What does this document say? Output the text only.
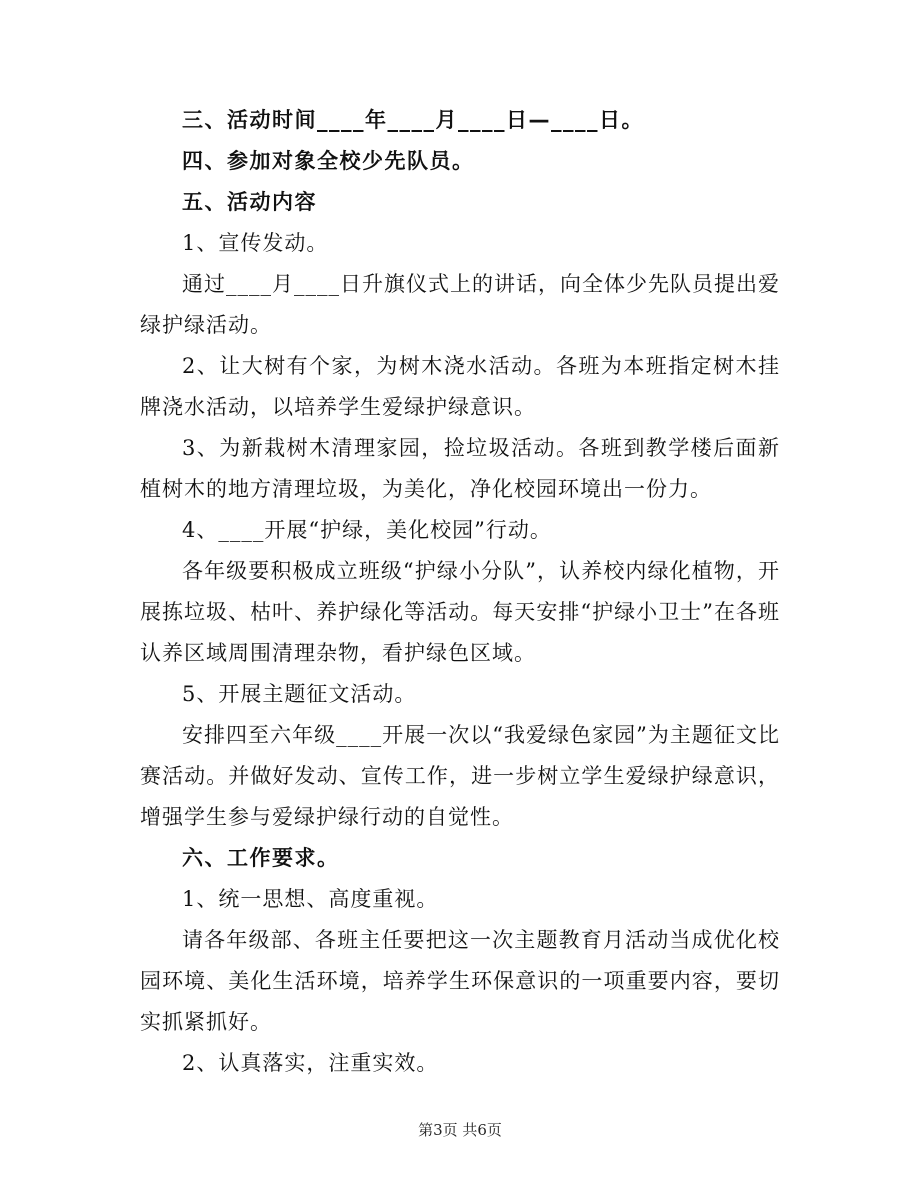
三、活动时间____年____月____日—____日。

四、参加对象全校少先队员。

五、活动内容

1、宣传发动。

通过____月____日升旗仪式上的讲话，向全体少先队员提出爱绿护绿活动。

2、让大树有个家，为树木浇水活动。各班为本班指定树木挂牌浇水活动，以培养学生爱绿护绿意识。

3、为新栽树木清理家园，捡垃圾活动。各班到教学楼后面新植树木的地方清理垃圾，为美化，净化校园环境出一份力。

4、____开展“护绿，美化校园”行动。

各年级要积极成立班级“护绿小分队”，认养校内绿化植物，开展拣垃圾、枯叶、养护绿化等活动。每天安排“护绿小卫士”在各班认养区域周围清理杂物，看护绿色区域。

5、开展主题征文活动。

安排四至六年级____开展一次以“我爱绿色家园”为主题征文比赛活动。并做好发动、宣传工作，进一步树立学生爱绿护绿意识，增强学生参与爱绿护绿行动的自觉性。

六、工作要求。

1、统一思想、高度重视。

请各年级部、各班主任要把这一次主题教育月活动当成优化校园环境、美化生活环境，培养学生环保意识的一项重要内容，要切实抓紧抓好。

2、认真落实，注重实效。

第3页 共6页
